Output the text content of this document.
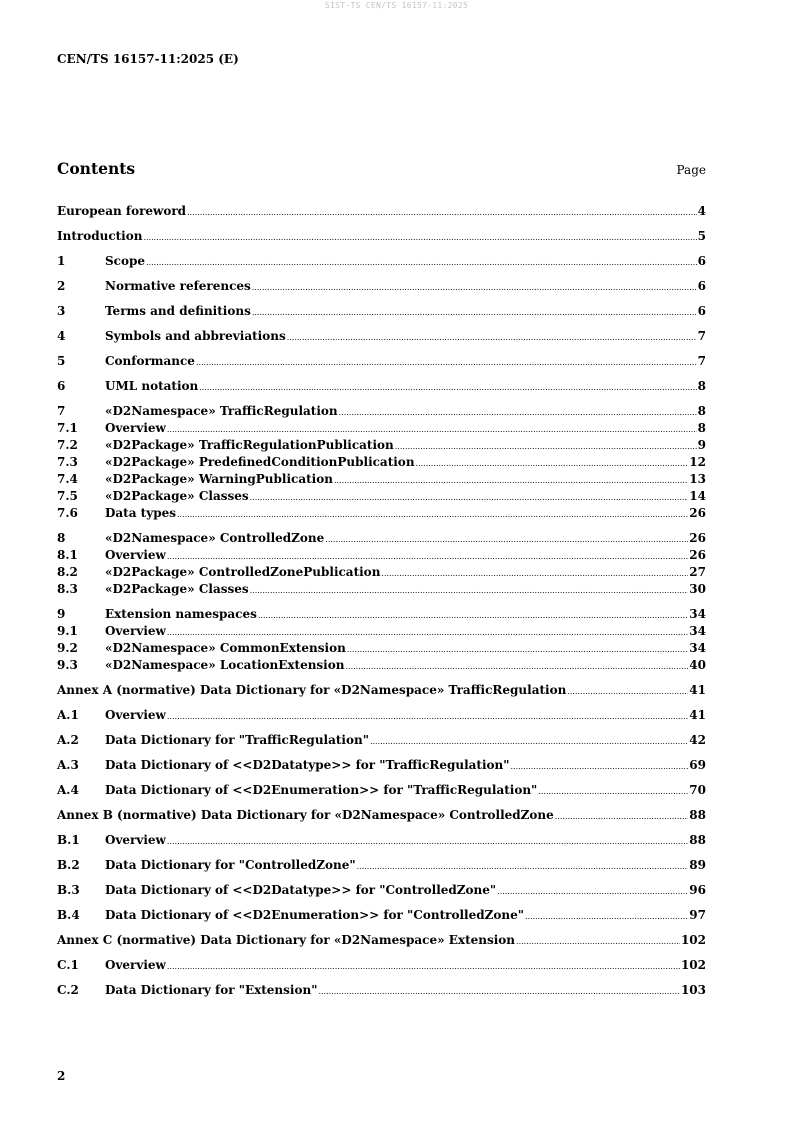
SIST-TS CEN/TS 16157-11:2025
CEN/TS 16157-11:2025 (E)
Contents	Page
European foreword .....	4
Introduction .....	5
1	Scope .....	6
2	Normative references .....	6
3	Terms and definitions .....	6
4	Symbols and abbreviations .....	7
5	Conformance .....	7
6	UML notation .....	8
7	«D2Namespace» TrafficRegulation .....	8
7.1	Overview .....	8
7.2	«D2Package» TrafficRegulationPublication .....	9
7.3	«D2Package» PredefinedConditionPublication .....	12
7.4	«D2Package» WarningPublication .....	13
7.5	«D2Package» Classes .....	14
7.6	Data types .....	26
8	«D2Namespace» ControlledZone .....	26
8.1	Overview .....	26
8.2	«D2Package» ControlledZonePublication .....	27
8.3	«D2Package» Classes .....	30
9	Extension namespaces .....	34
9.1	Overview .....	34
9.2	«D2Namespace» CommonExtension .....	34
9.3	«D2Namespace» LocationExtension .....	40
Annex A (normative) Data Dictionary for «D2Namespace» TrafficRegulation .....	41
A.1	Overview .....	41
A.2	Data Dictionary for "TrafficRegulation" .....	42
A.3	Data Dictionary of <<D2Datatype>> for "TrafficRegulation" .....	69
A.4	Data Dictionary of <<D2Enumeration>> for "TrafficRegulation" .....	70
Annex B (normative) Data Dictionary for «D2Namespace» ControlledZone .....	88
B.1	Overview .....	88
B.2	Data Dictionary for "ControlledZone" .....	89
B.3	Data Dictionary of <<D2Datatype>> for "ControlledZone" .....	96
B.4	Data Dictionary of <<D2Enumeration>> for "ControlledZone" .....	97
Annex C (normative) Data Dictionary for «D2Namespace» Extension .....	102
C.1	Overview .....	102
C.2	Data Dictionary for "Extension" .....	103
2
